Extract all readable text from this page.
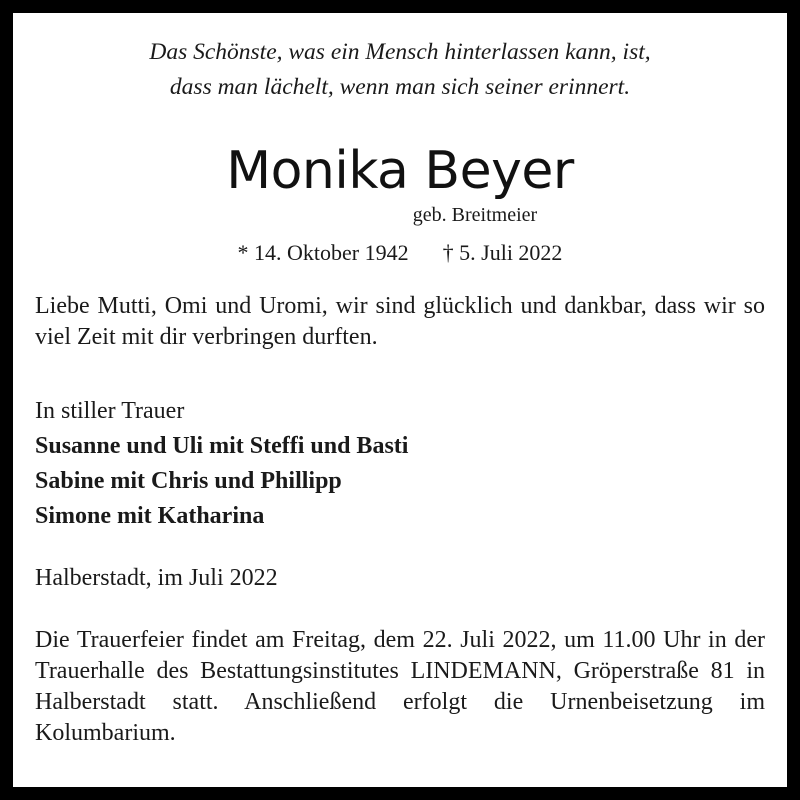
Das Schönste, was ein Mensch hinterlassen kann, ist,
dass man lächelt, wenn man sich seiner erinnert.
Monika Beyer
geb. Breitmeier
* 14. Oktober 1942 † 5. Juli 2022
Liebe Mutti, Omi und Uromi, wir sind glücklich und dankbar, dass wir so viel Zeit mit dir verbringen durften.
In stiller Trauer
Susanne und Uli mit Steffi und Basti
Sabine mit Chris und Phillipp
Simone mit Katharina
Halberstadt, im Juli 2022
Die Trauerfeier findet am Freitag, dem 22. Juli 2022, um 11.00 Uhr in der Trauerhalle des Bestattungsinstitutes LINDEMANN, Gröperstraße 81 in Halberstadt statt. Anschließend erfolgt die Urnenbeisetzung im Kolumbarium.
